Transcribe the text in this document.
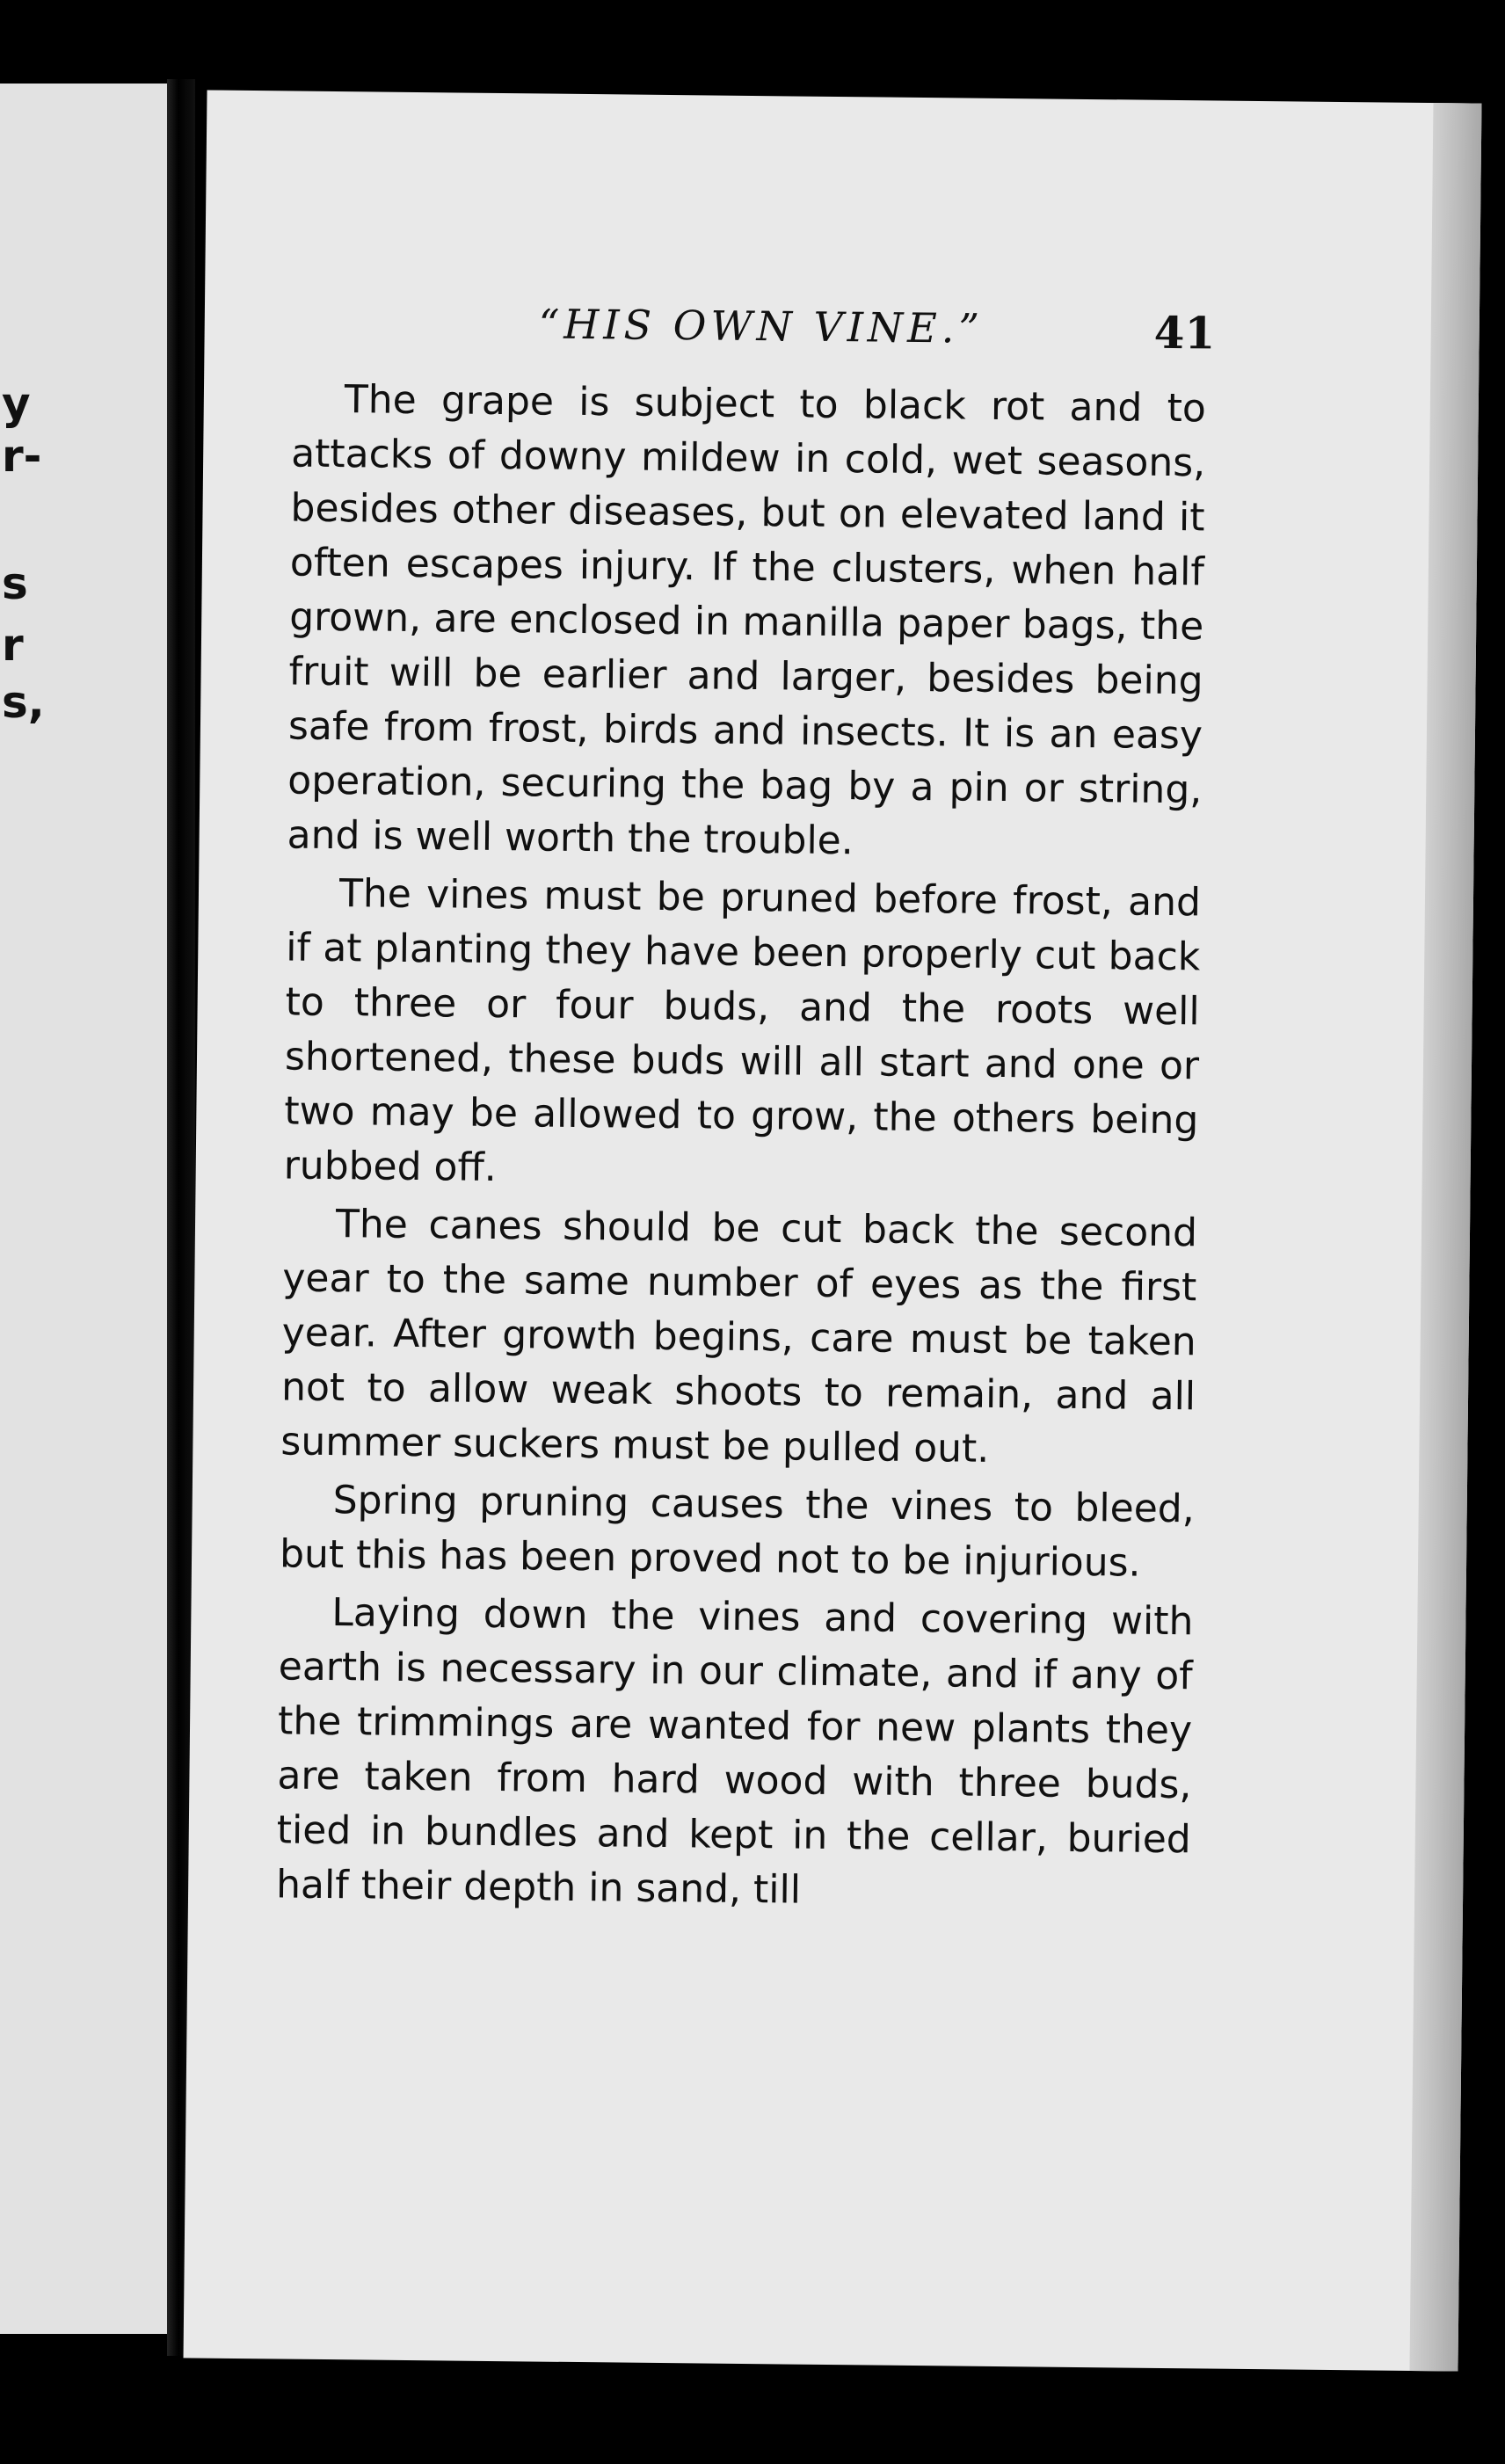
y
r-
s
r
s,
“HIS OWN VINE.”	41

The grape is subject to black rot and to attacks of downy mildew in cold, wet seasons, besides other diseases, but on elevated land it often escapes injury. If the clusters, when half grown, are enclosed in manilla paper bags, the fruit will be earlier and larger, besides being safe from frost, birds and insects. It is an easy operation, securing the bag by a pin or string, and is well worth the trouble.

The vines must be pruned before frost, and if at planting they have been properly cut back to three or four buds, and the roots well shortened, these buds will all start and one or two may be allowed to grow, the others being rubbed off.

The canes should be cut back the second year to the same number of eyes as the first year. After growth begins, care must be taken not to allow weak shoots to remain, and all summer suckers must be pulled out.

Spring pruning causes the vines to bleed, but this has been proved not to be injurious.

Laying down the vines and covering with earth is necessary in our climate, and if any of the trimmings are wanted for new plants they are taken from hard wood with three buds, tied in bundles and kept in the cellar, buried half their depth in sand, till
